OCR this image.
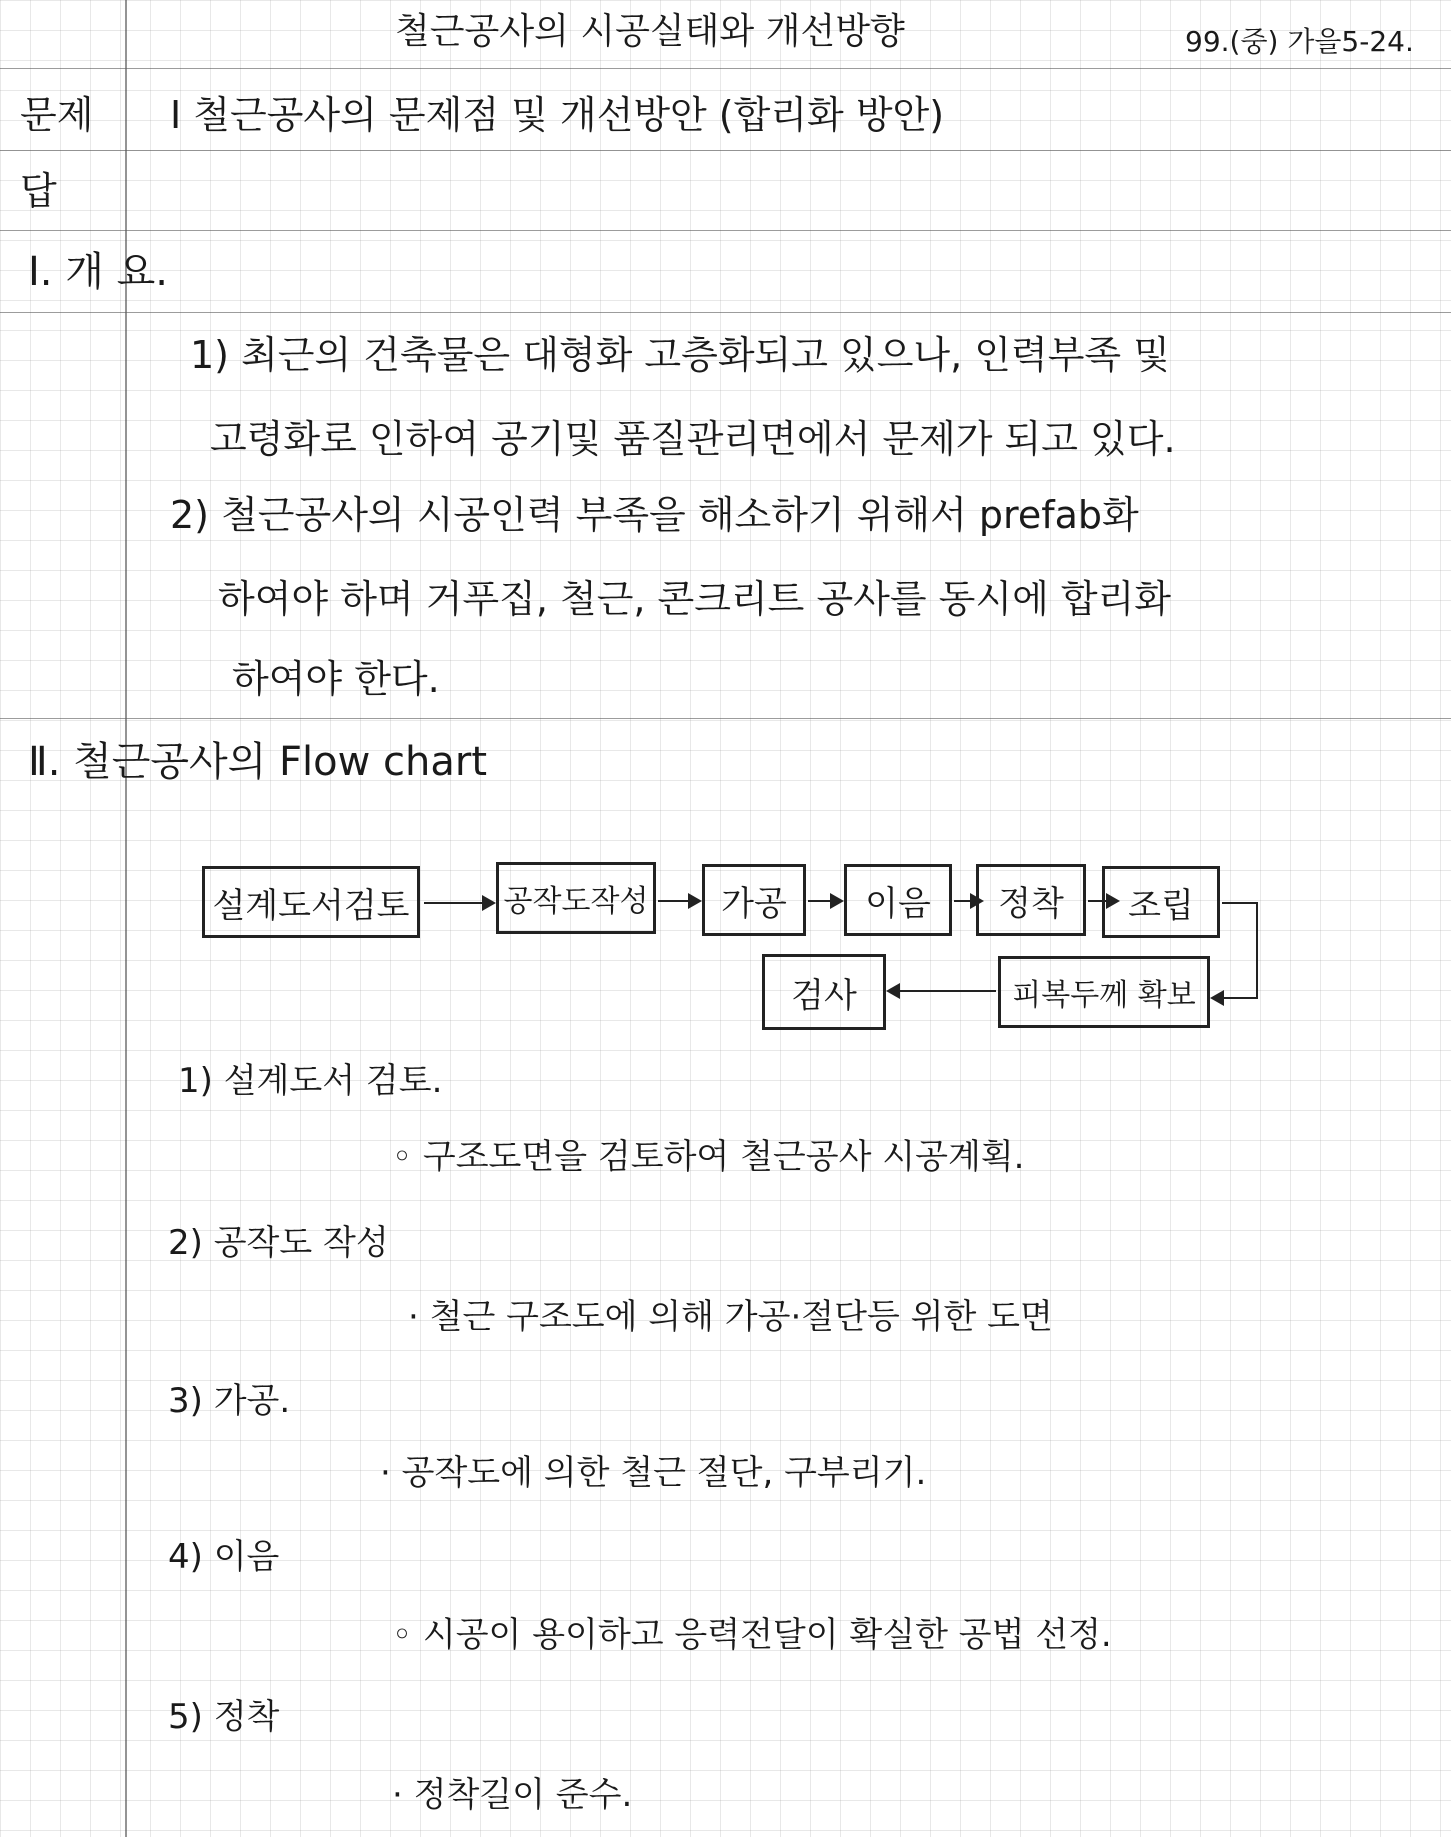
철근공사의 시공실태와 개선방향	99.(중) 가을5-24.
문제 Ⅰ 철근공사의 문제점 및 개선방안 (합리화 방안)
답
Ⅰ. 개 요.
1) 최근의 건축물은 대형화 고층화되고 있으나, 인력부족 및
고령화로 인하여 공기및 품질관리면에서 문제가 되고 있다.
2) 철근공사의 시공인력 부족을 해소하기 위해서 prefab화
하여야 하며 거푸집, 철근, 콘크리트 공사를 동시에 합리화
하여야 한다.
Ⅱ. 철근공사의 Flow chart
설계도서검토	공작도작성	가공	이음	정착	조립
피복두께 확보
검사
1) 설계도서 검토.
◦ 구조도면을 검토하여 철근공사 시공계획.
2) 공작도 작성
· 철근 구조도에 의해 가공·절단등 위한 도면
3) 가공.
· 공작도에 의한 철근 절단, 구부리기.
4) 이음
◦ 시공이 용이하고 응력전달이 확실한 공법 선정.
5) 정착
· 정착길이 준수.
